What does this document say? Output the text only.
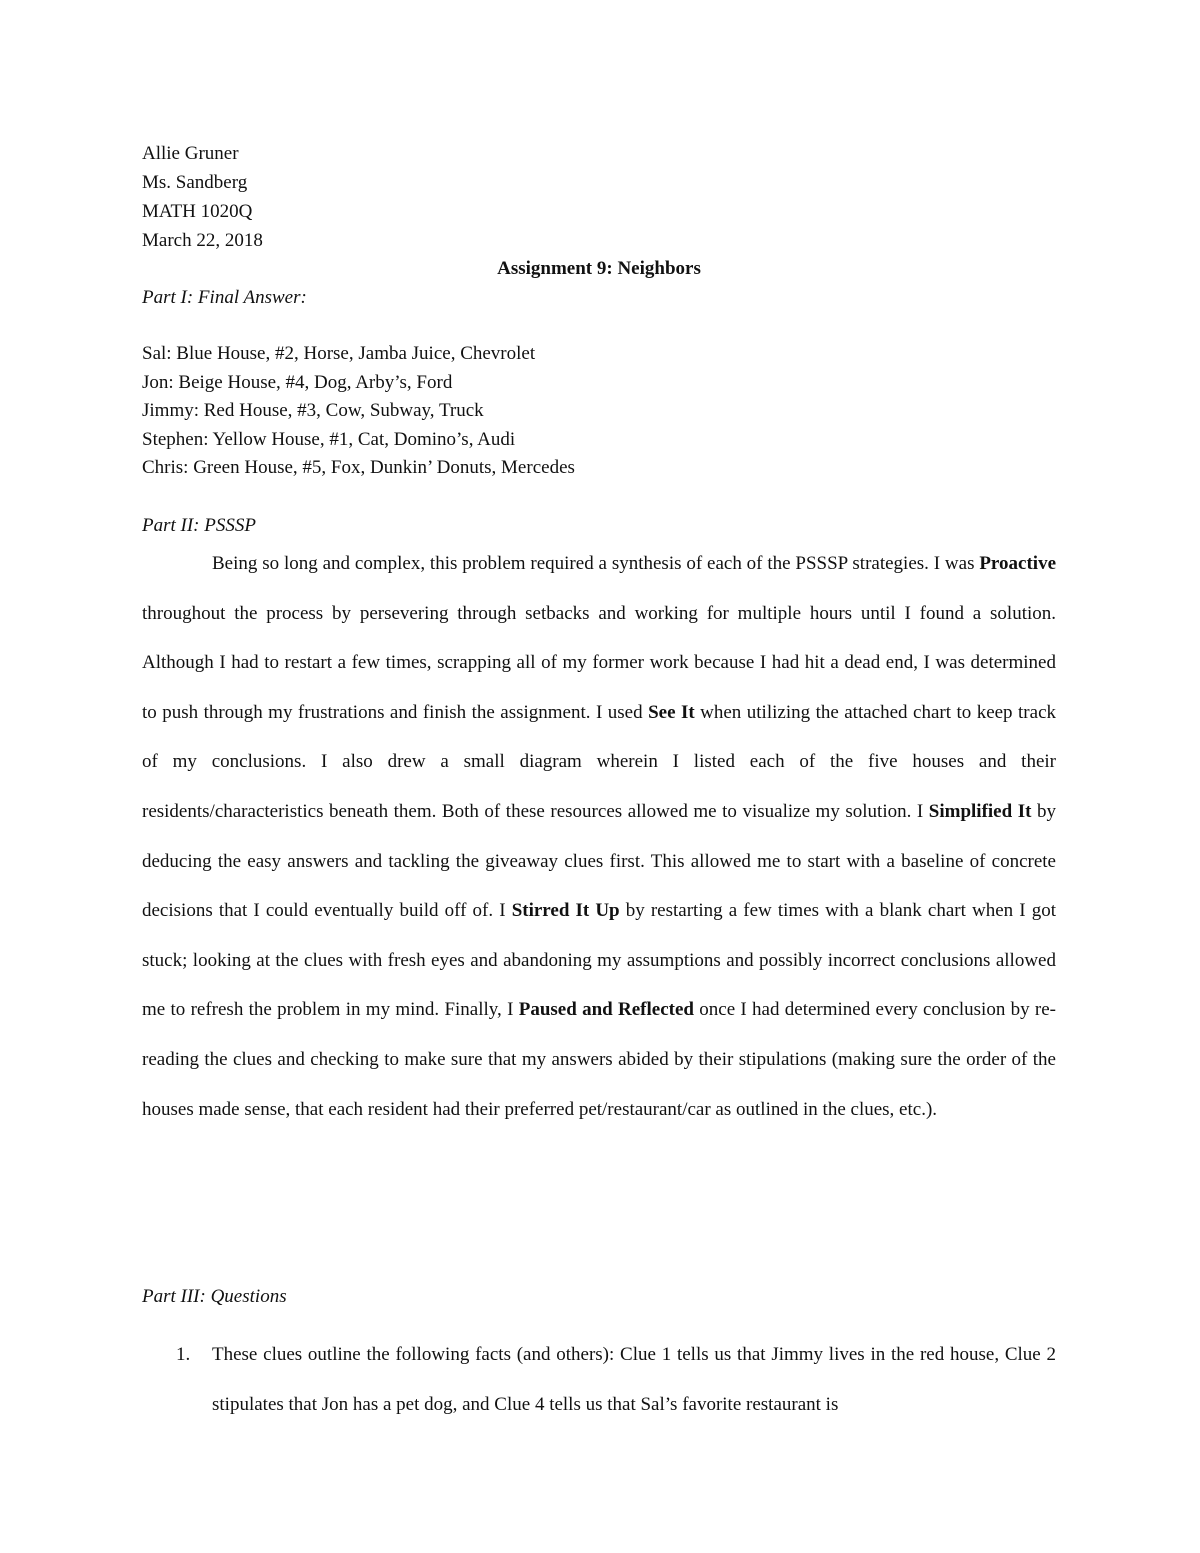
Allie Gruner
Ms. Sandberg
MATH 1020Q
March 22, 2018
Assignment 9: Neighbors
Part I: Final Answer:
Sal: Blue House, #2, Horse, Jamba Juice, Chevrolet
Jon: Beige House, #4, Dog, Arby’s, Ford
Jimmy: Red House, #3, Cow, Subway, Truck
Stephen: Yellow House, #1, Cat, Domino’s, Audi
Chris: Green House, #5, Fox, Dunkin’ Donuts, Mercedes
Part II: PSSSP

Being so long and complex, this problem required a synthesis of each of the PSSSP strategies. I was Proactive throughout the process by persevering through setbacks and working for multiple hours until I found a solution. Although I had to restart a few times, scrapping all of my former work because I had hit a dead end, I was determined to push through my frustrations and finish the assignment. I used See It when utilizing the attached chart to keep track of my conclusions. I also drew a small diagram wherein I listed each of the five houses and their residents/characteristics beneath them. Both of these resources allowed me to visualize my solution. I Simplified It by deducing the easy answers and tackling the giveaway clues first. This allowed me to start with a baseline of concrete decisions that I could eventually build off of. I Stirred It Up by restarting a few times with a blank chart when I got stuck; looking at the clues with fresh eyes and abandoning my assumptions and possibly incorrect conclusions allowed me to refresh the problem in my mind. Finally, I Paused and Reflected once I had determined every conclusion by re-reading the clues and checking to make sure that my answers abided by their stipulations (making sure the order of the houses made sense, that each resident had their preferred pet/restaurant/car as outlined in the clues, etc.).

Part III: Questions
1. These clues outline the following facts (and others): Clue 1 tells us that Jimmy lives in the red house, Clue 2 stipulates that Jon has a pet dog, and Clue 4 tells us that Sal’s favorite restaurant is
